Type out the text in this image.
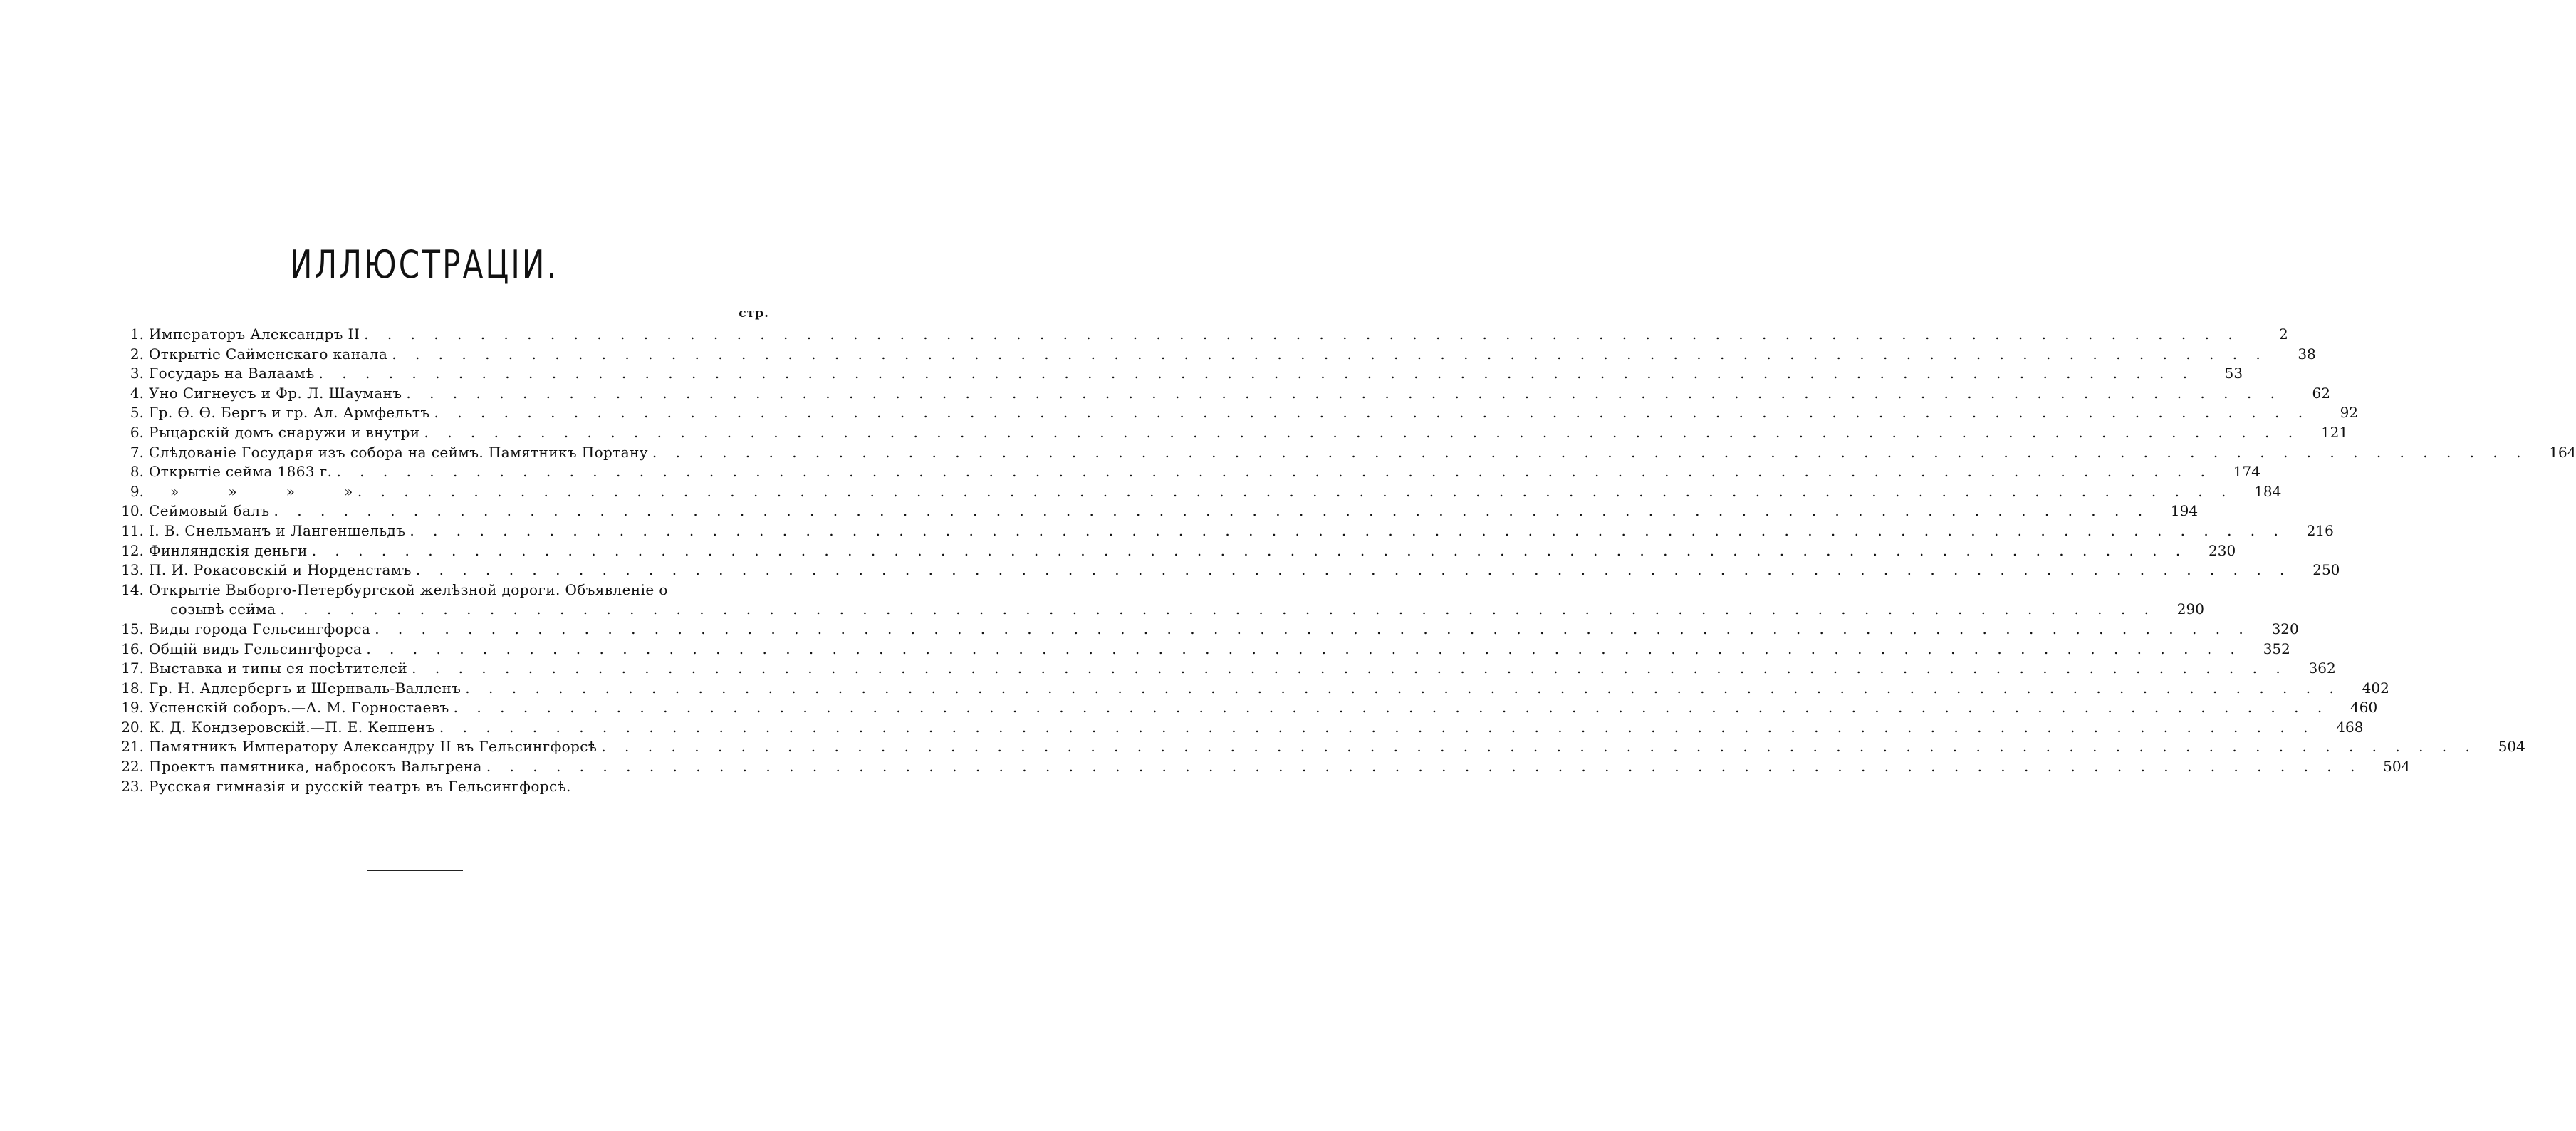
ИЛЛЮСТРАЦІИ.
стр.
1. Императоръ Александръ II . . .	2
2. Открытіе Сайменскаго канала . . .	38
3. Государь на Валаамѣ . . .	53
4. Уно Сигнеусъ и Фр. Л. Шауманъ . . .	62
5. Гр. Ѳ. Ѳ. Бергъ и гр. Ал. Армфельтъ . . .	92
6. Рыцарскій домъ снаружи и внутри . . .	121
7. Слѣдованіе Государя изъ собора на сеймъ. Памятникъ Портану . . .	164
8. Открытіе сейма 1863 г. . . .	174
9.	» » » » . . .	184
10. Сеймовый балъ . . .	194
11. I. В. Снельманъ и Лангеншельдъ . . .	216
12. Финляндскія деньги . . .	230
13. П. И. Рокасовскій и Норденстамъ . . .	250
14. Открытіе Выборго-Петербургской желѣзной дороги. Объявленіе о
созывѣ сейма . . .	290
15. Виды города Гельсингфорса . . .	320
16. Общій видъ Гельсингфорса . . .	352
17. Выставка и типы ея посѣтителей . . .	362
18. Гр. Н. Адлербергъ и Шернваль-Валленъ . . .	402
19. Успенскій соборъ.—А. М. Горностаевъ . . .	460
20. К. Д. Кондзеровскій.—П. Е. Кеппенъ . . .	468
21. Памятникъ Императору Александру II въ Гельсингфорсѣ . . .	504
22. Проектъ памятника, набросокъ Вальгрена . . .	504
23. Русская гимназія и русскій театръ въ Гельсингфорсѣ.
